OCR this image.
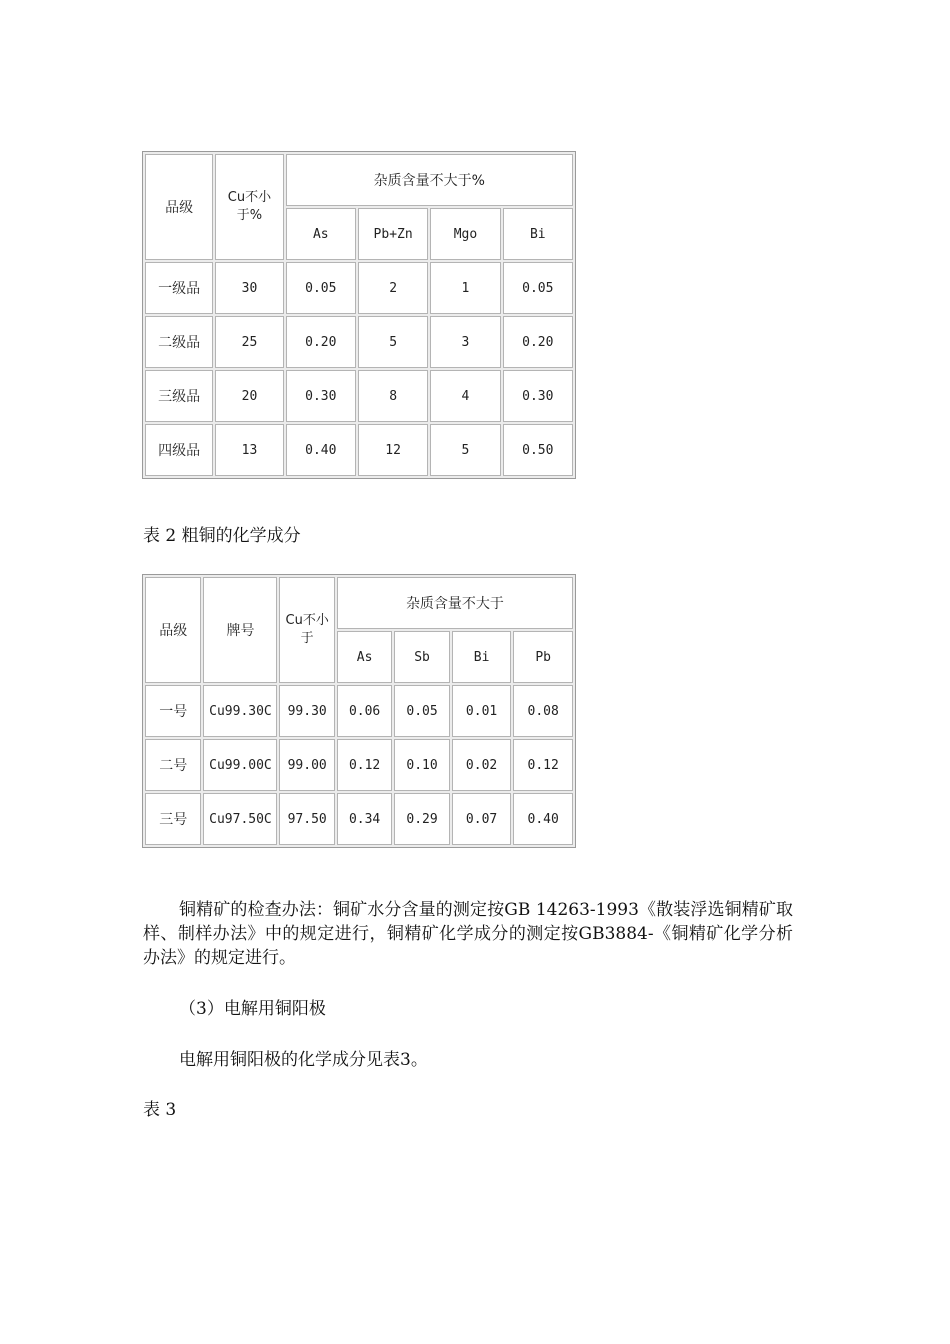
品级	Cu不小于%	杂质含量不大于%			
		As	Pb+Zn	Mgo	Bi
一级品	30	0.05	2	1	0.05
二级品	25	0.20	5	3	0.20
三级品	20	0.30	8	4	0.30
四级品	13	0.40	12	5	0.50
表 2 粗铜的化学成分
品级	牌号	Cu不小于	杂质含量不大于			
			As	Sb	Bi	Pb
一号	Cu99.30C	99.30	0.06	0.05	0.01	0.08
二号	Cu99.00C	99.00	0.12	0.10	0.02	0.12
三号	Cu97.50C	97.50	0.34	0.29	0.07	0.40
铜精矿的检查办法：铜矿水分含量的测定按GB 14263-1993《散装浮选铜精矿取样、制样办法》中的规定进行，铜精矿化学成分的测定按GB3884-《铜精矿化学分析办法》的规定进行。
（3）电解用铜阳极
电解用铜阳极的化学成分见表3。
表 3
